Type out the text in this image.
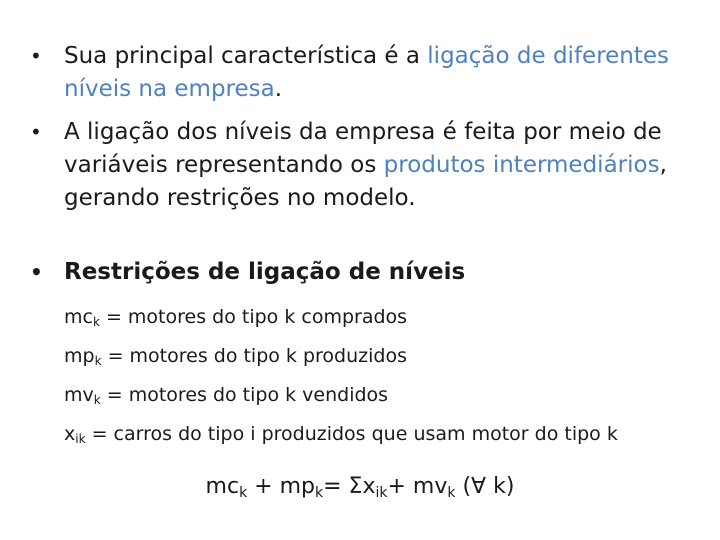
• Sua principal característica é a ligação de diferentes níveis na empresa.
• A ligação dos níveis da empresa é feita por meio de variáveis representando os produtos intermediários, gerando restrições no modelo.
• Restrições de ligação de níveis
$mc_k$ = motores do tipo k comprados
$mp_k$ = motores do tipo k produzidos
$mv_k$ = motores do tipo k vendidos
$x_{ik}$ = carros do tipo i produzidos que usam motor do tipo k
$mc_k + mp_k= \Sigma x_{ik}+ mv_k$ (∀ k)
